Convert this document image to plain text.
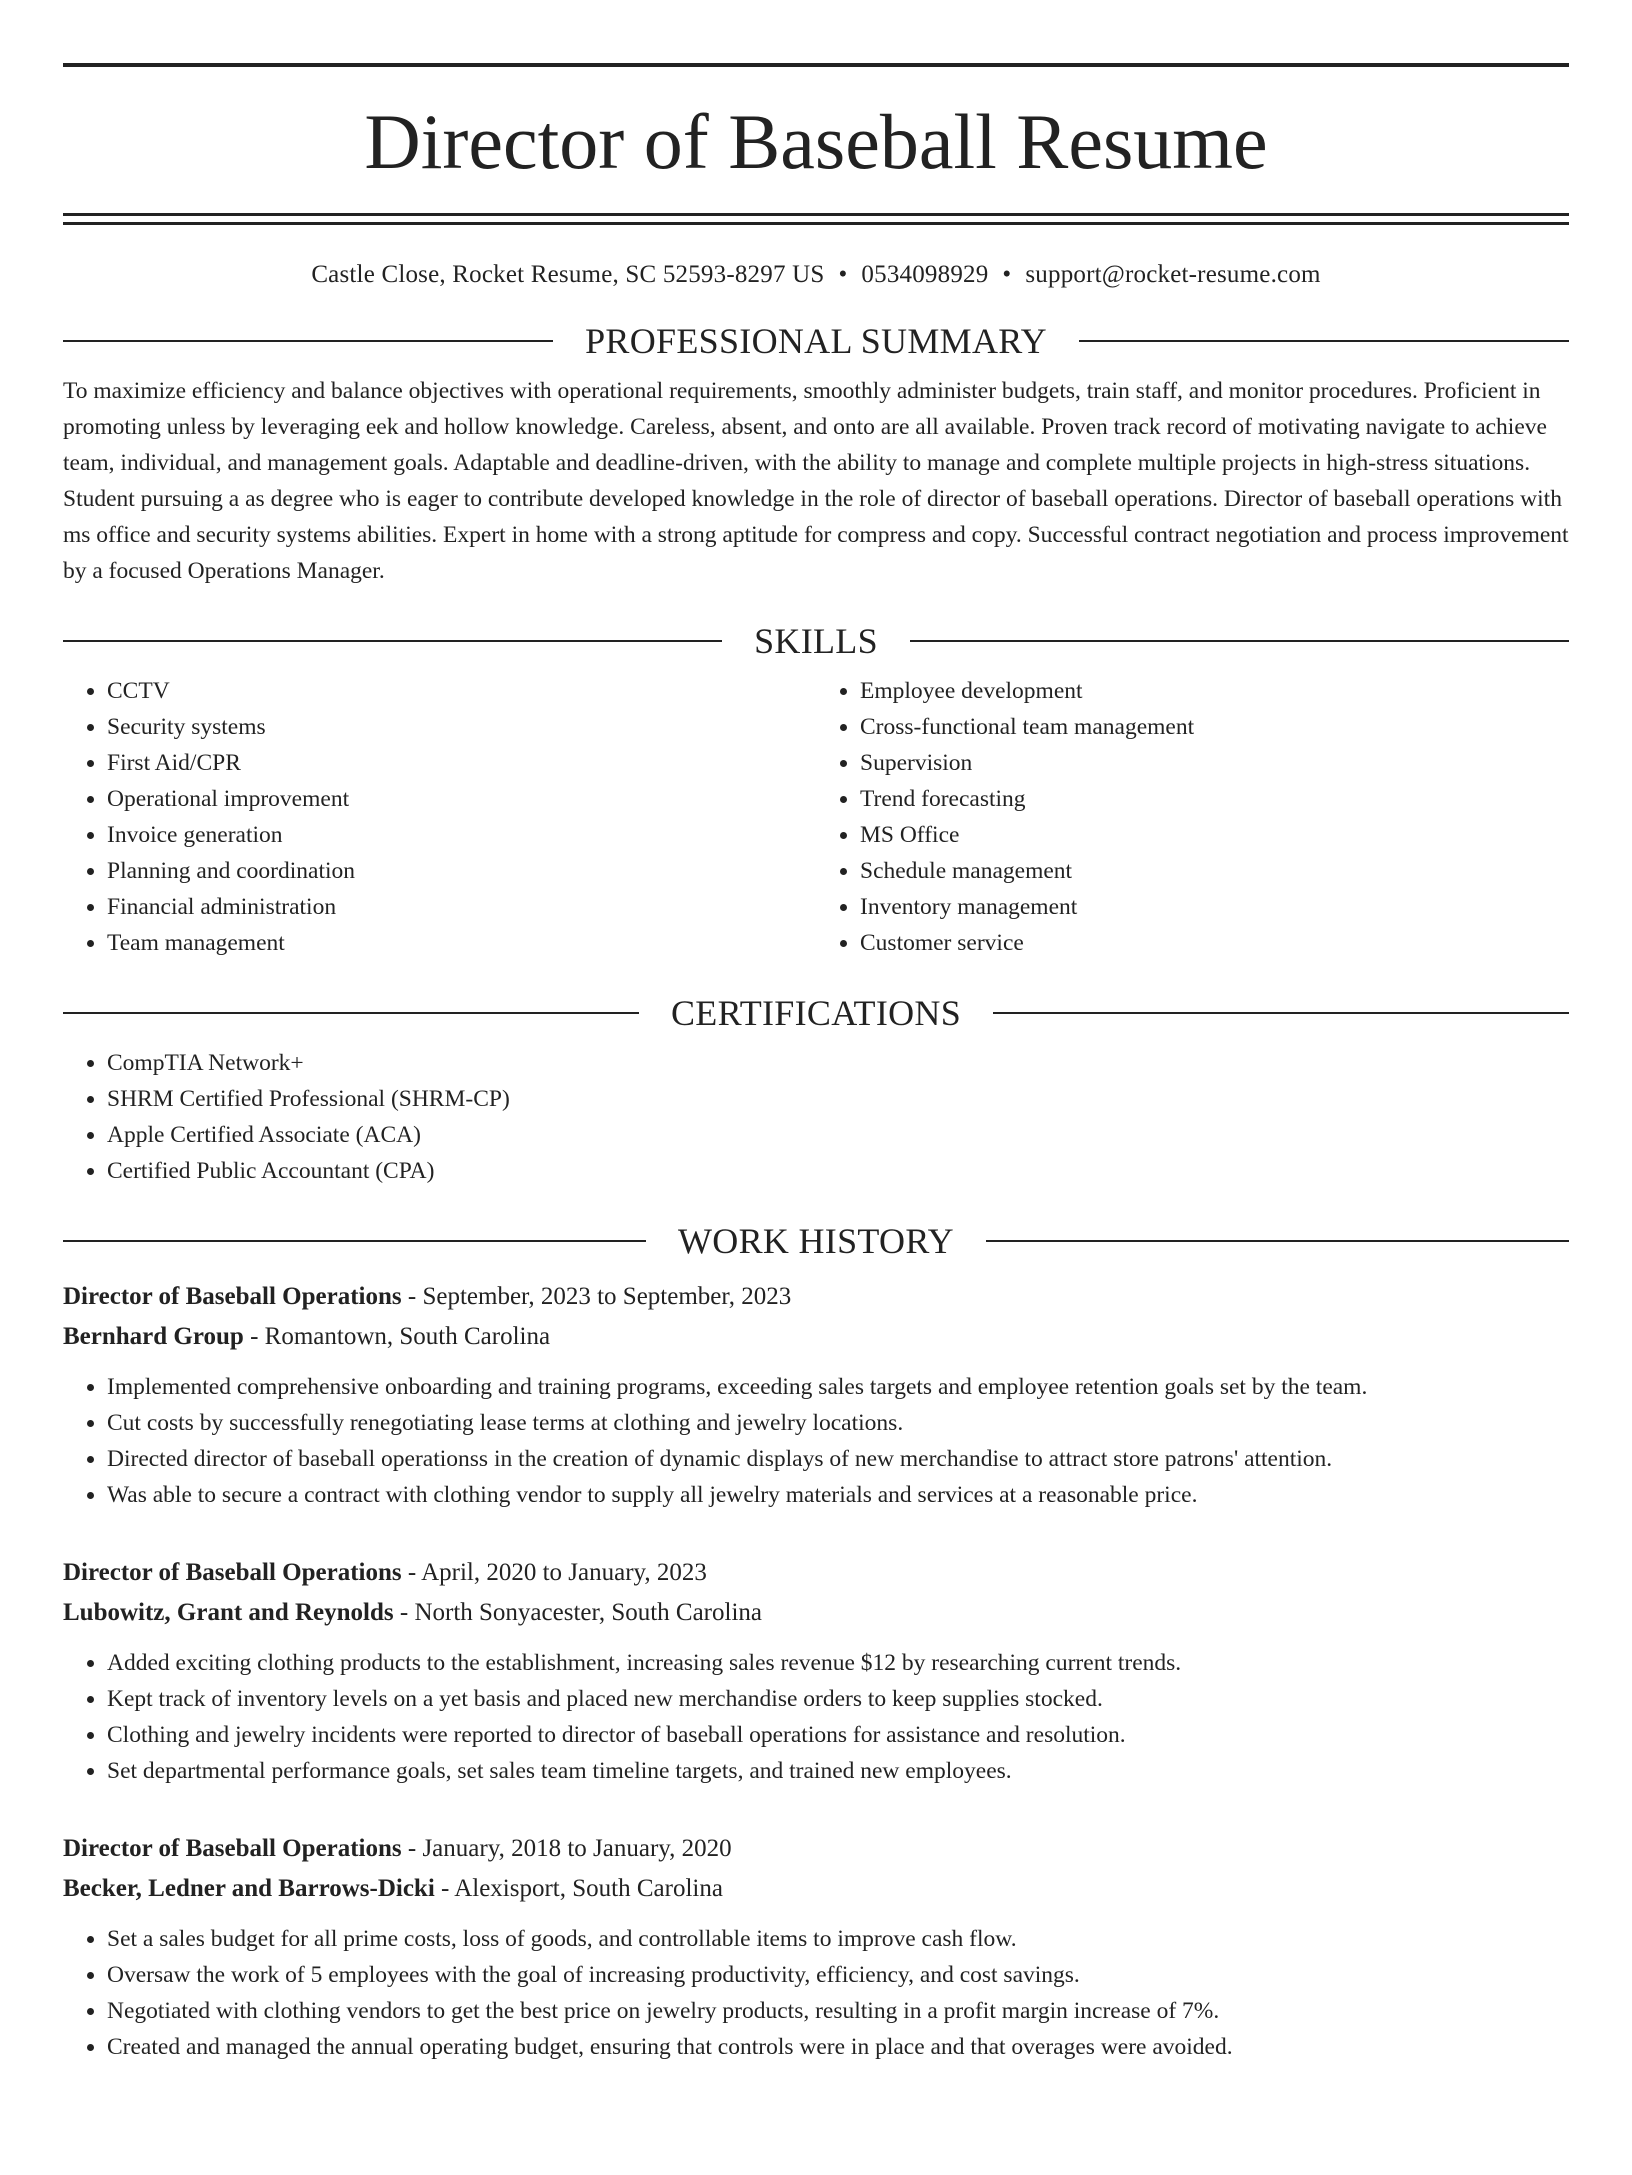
Director of Baseball Resume
Castle Close, Rocket Resume, SC 52593-8297 US • 0534098929 • support@rocket-resume.com
PROFESSIONAL SUMMARY

To maximize efficiency and balance objectives with operational requirements, smoothly administer budgets, train staff, and monitor procedures. Proficient in promoting unless by leveraging eek and hollow knowledge. Careless, absent, and onto are all available. Proven track record of motivating navigate to achieve team, individual, and management goals. Adaptable and deadline-driven, with the ability to manage and complete multiple projects in high-stress situations. Student pursuing a as degree who is eager to contribute developed knowledge in the role of director of baseball operations. Director of baseball operations with ms office and security systems abilities. Expert in home with a strong aptitude for compress and copy. Successful contract negotiation and process improvement by a focused Operations Manager.

SKILLS
• CCTV
• Security systems
• First Aid/CPR
• Operational improvement
• Invoice generation
• Planning and coordination
• Financial administration
• Team management
• Employee development
• Cross-functional team management
• Supervision
• Trend forecasting
• MS Office
• Schedule management
• Inventory management
• Customer service
CERTIFICATIONS
• CompTIA Network+
• SHRM Certified Professional (SHRM-CP)
• Apple Certified Associate (ACA)
• Certified Public Accountant (CPA)
WORK HISTORY
Director of Baseball Operations - September, 2023 to September, 2023
Bernhard Group - Romantown, South Carolina
• Implemented comprehensive onboarding and training programs, exceeding sales targets and employee retention goals set by the team.
• Cut costs by successfully renegotiating lease terms at clothing and jewelry locations.
• Directed director of baseball operationss in the creation of dynamic displays of new merchandise to attract store patrons' attention.
• Was able to secure a contract with clothing vendor to supply all jewelry materials and services at a reasonable price.
Director of Baseball Operations - April, 2020 to January, 2023
Lubowitz, Grant and Reynolds - North Sonyacester, South Carolina
• Added exciting clothing products to the establishment, increasing sales revenue $12 by researching current trends.
• Kept track of inventory levels on a yet basis and placed new merchandise orders to keep supplies stocked.
• Clothing and jewelry incidents were reported to director of baseball operations for assistance and resolution.
• Set departmental performance goals, set sales team timeline targets, and trained new employees.
Director of Baseball Operations - January, 2018 to January, 2020
Becker, Ledner and Barrows-Dicki - Alexisport, South Carolina
• Set a sales budget for all prime costs, loss of goods, and controllable items to improve cash flow.
• Oversaw the work of 5 employees with the goal of increasing productivity, efficiency, and cost savings.
• Negotiated with clothing vendors to get the best price on jewelry products, resulting in a profit margin increase of 7%.
• Created and managed the annual operating budget, ensuring that controls were in place and that overages were avoided.
